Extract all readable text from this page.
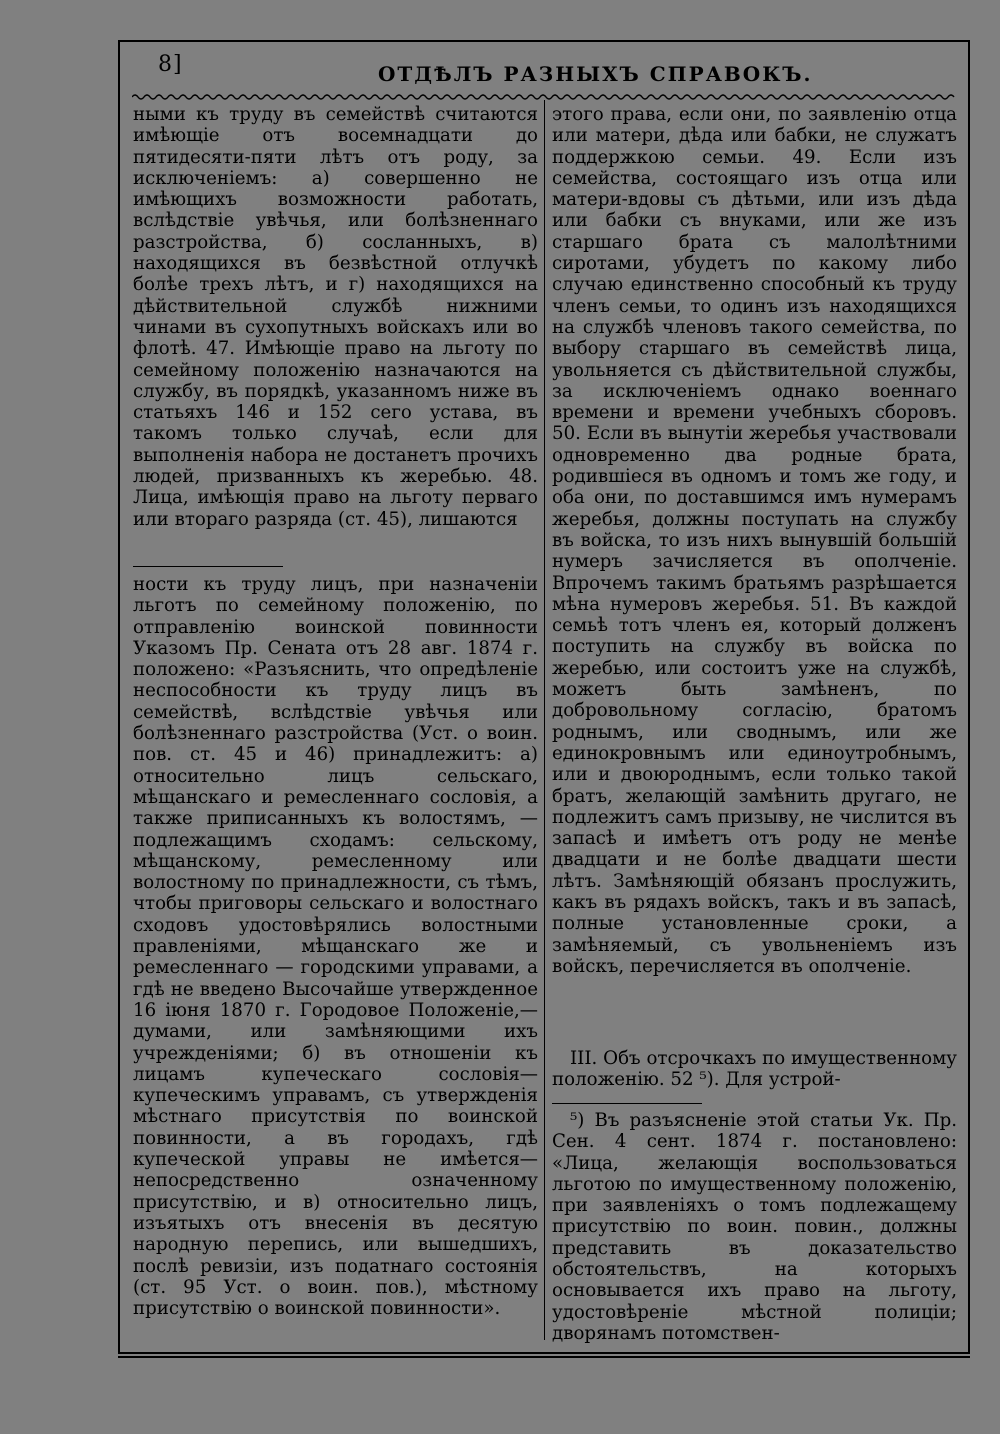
8]	ОТДѢЛЪ РАЗНЫХЪ СПРАВОКЪ.

ными къ труду въ семействѣ считаются имѣющіе отъ восемнадцати до пятидесяти-пяти лѣтъ отъ роду, за исключеніемъ: а) совершенно не имѣющихъ возможности работать, вслѣдствіе увѣчья, или болѣзненнаго разстройства, б) сосланныхъ, в) находящихся въ безвѣстной отлучкѣ болѣе трехъ лѣтъ, и г) находящихся на дѣйствительной службѣ нижними чинами въ сухопутныхъ войскахъ или во флотѣ. 47. Имѣющіе право на льготу по семейному положенію назначаются на службу, въ порядкѣ, указанномъ ниже въ статьяхъ 146 и 152 сего устава, въ такомъ только случаѣ, если для выполненія набора не достанетъ прочихъ людей, призванныхъ къ жеребью. 48. Лица, имѣющія право на льготу перваго или втораго разряда (ст. 45), лишаются

ности къ труду лицъ, при назначеніи льготъ по семейному положенію, по отправленію воинской повинности Указомъ Пр. Сената отъ 28 авг. 1874 г. положено: «Разъяснить, что опредѣленіе неспособности къ труду лицъ въ семействѣ, вслѣдствіе увѣчья или болѣзненнаго разстройства (Уст. о воин. пов. ст. 45 и 46) принадлежитъ: а) относительно лицъ сельскаго, мѣщанскаго и ремесленнаго сословія, а также приписанныхъ къ волостямъ, — подлежащимъ сходамъ: сельскому, мѣщанскому, ремесленному или волостному по принадлежности, съ тѣмъ, чтобы приговоры сельскаго и волостнаго сходовъ удостовѣрялись волостными правленіями, мѣщанскаго же и ремесленнаго — городскими управами, а гдѣ не введено Высочайше утвержденное 16 іюня 1870 г. Городовое Положеніе,—думами, или замѣняющими ихъ учрежденіями; б) въ отношеніи къ лицамъ купеческаго сословія—купеческимъ управамъ, съ утвержденія мѣстнаго присутствія по воинской повинности, а въ городахъ, гдѣ купеческой управы не имѣется—непосредственно означенному присутствію, и в) относительно лицъ, изъятыхъ отъ внесенія въ десятую народную перепись, или вышедшихъ, послѣ ревизіи, изъ податнаго состоянія (ст. 95 Уст. о воин. пов.), мѣстному присутствію о воинской повинности».

этого права, если они, по заявленію отца или матери, дѣда или бабки, не служатъ поддержкою семьи. 49. Если изъ семейства, состоящаго изъ отца или матери-вдовы съ дѣтьми, или изъ дѣда или бабки съ внуками, или же изъ старшаго брата съ малолѣтними сиротами, убудетъ по какому либо случаю единственно способный къ труду членъ семьи, то одинъ изъ находящихся на службѣ членовъ такого семейства, по выбору старшаго въ семействѣ лица, увольняется съ дѣйствительной службы, за исключеніемъ однако военнаго времени и времени учебныхъ сборовъ. 50. Если въ вынутіи жеребья участвовали одновременно два родные брата, родившіеся въ одномъ и томъ же году, и оба они, по доставшимся имъ нумерамъ жеребья, должны поступать на службу въ войска, то изъ нихъ вынувшій большій нумеръ зачисляется въ ополченіе. Впрочемъ такимъ братьямъ разрѣшается мѣна нумеровъ жеребья. 51. Въ каждой семьѣ тотъ членъ ея, который долженъ поступить на службу въ войска по жеребью, или состоитъ уже на службѣ, можетъ быть замѣненъ, по добровольному согласію, братомъ роднымъ, или своднымъ, или же единокровнымъ или единоутробнымъ, или и двоюроднымъ, если только такой братъ, желающій замѣнить другаго, не подлежитъ самъ призыву, не числится въ запасѣ и имѣетъ отъ роду не менѣе двадцати и не болѣе двадцати шести лѣтъ. Замѣняющій обязанъ прослужить, какъ въ рядахъ войскъ, такъ и въ запасѣ, полные установленные сроки, а замѣняемый, съ увольненіемъ изъ войскъ, перечисляется въ ополченіе.

III. Объ отсрочкахъ по имущественному положенію. 52 ⁵). Для устрой-

⁵) Въ разъясненіе этой статьи Ук. Пр. Сен. 4 сент. 1874 г. постановлено: «Лица, желающія воспользоваться льготою по имущественному положенію, при заявленіяхъ о томъ подлежащему присутствію по воин. повин., должны представить въ доказательство обстоятельствъ, на которыхъ основывается ихъ право на льготу, удостовѣреніе мѣстной полиціи; дворянамъ потомствен-
